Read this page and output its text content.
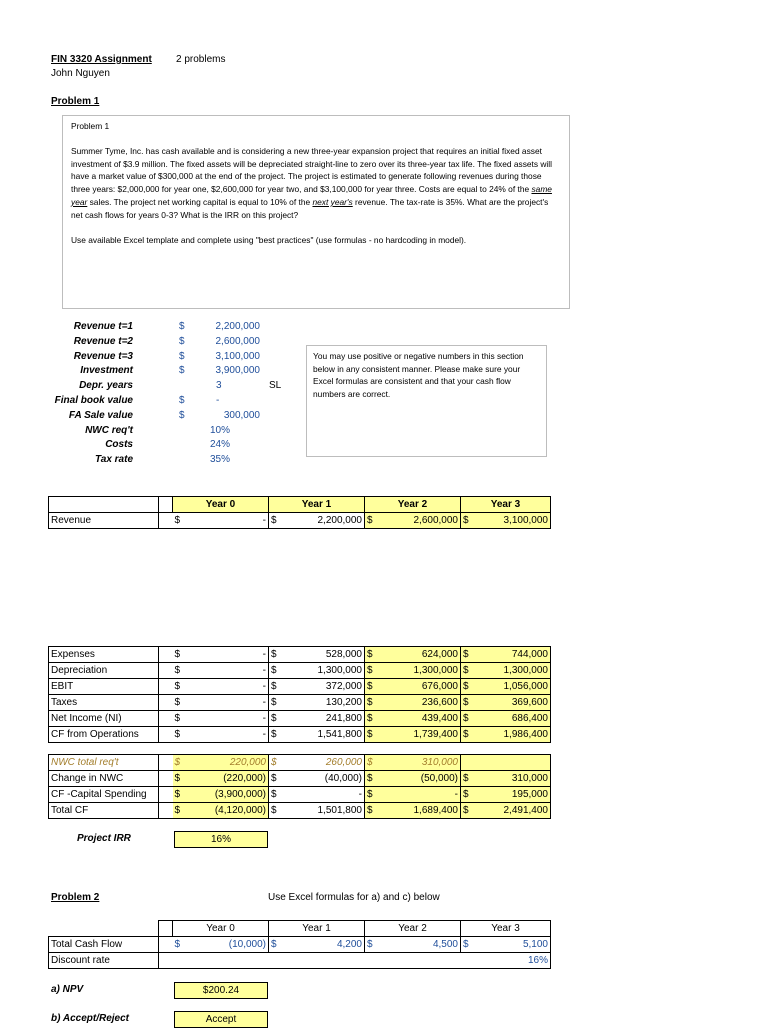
FIN 3320 Assignment 2 problems
John Nguyen
Problem 1

Problem 1

Summer Tyme, Inc. has cash available and is considering a new three-year expansion project that requires an initial fixed asset investment of $3.9 million. The fixed assets will be depreciated straight-line to zero over its three-year tax life. The fixed assets will have a market value of $300,000 at the end of the project. The project is estimated to generate following revenues during those three years: $2,000,000 for year one, $2,600,000 for year two, and $3,100,000 for year three. Costs are equal to 24% of the same year sales. The project net working capital is equal to 10% of the next year's revenue. The tax-rate is 35%. What are the project's net cash flows for years 0-3? What is the IRR on this project?

Use available Excel template and complete using "best practices" (use formulas - no hardcoding in model).

Revenue t=1	$	2,200,000
Revenue t=2	$	2,600,000
Revenue t=3	$	3,100,000
Investment	$	3,900,000
Depr. years	3	SL
Final book value	$	-
FA Sale value	$	300,000
NWC req't	10%
Costs	24%
Tax rate	35%

You may use positive or negative numbers in this section below in any consistent manner. Please make sure your Excel formulas are consistent and that your cash flow numbers are correct.

		Year 0		Year 1		Year 2		Year 3	
Revenue		$	-	$	2,200,000	$	2,600,000	$	3,100,000
Expenses		$	-	$	528,000	$	624,000	$	744,000
Depreciation		$	-	$	1,300,000	$	1,300,000	$	1,300,000
EBIT		$	-	$	372,000	$	676,000	$	1,056,000
Taxes		$	-	$	130,200	$	236,600	$	369,600
Net Income (NI)		$	-	$	241,800	$	439,400	$	686,400
CF from Operations		$	-	$	1,541,800	$	1,739,400	$	1,986,400
NWC total req't		$	220,000	$	260,000	$	310,000		
Change in NWC		$	(220,000)	$	(40,000)	$	(50,000)	$	310,000
CF -Capital Spending		$	(3,900,000)	$	-	$	-	$	195,000
Total CF		$	(4,120,000)	$	1,501,800	$	1,689,400	$	2,491,400
Project IRR	16%
Problem 2	Use Excel formulas for a) and c) below
		Year 0		Year 1		Year 2		Year 3	
Total Cash Flow		$	(10,000)	$	4,200	$	4,500	$	5,100
Discount rate	16%								
a) NPV	$200.24
b) Accept/Reject	Accept
